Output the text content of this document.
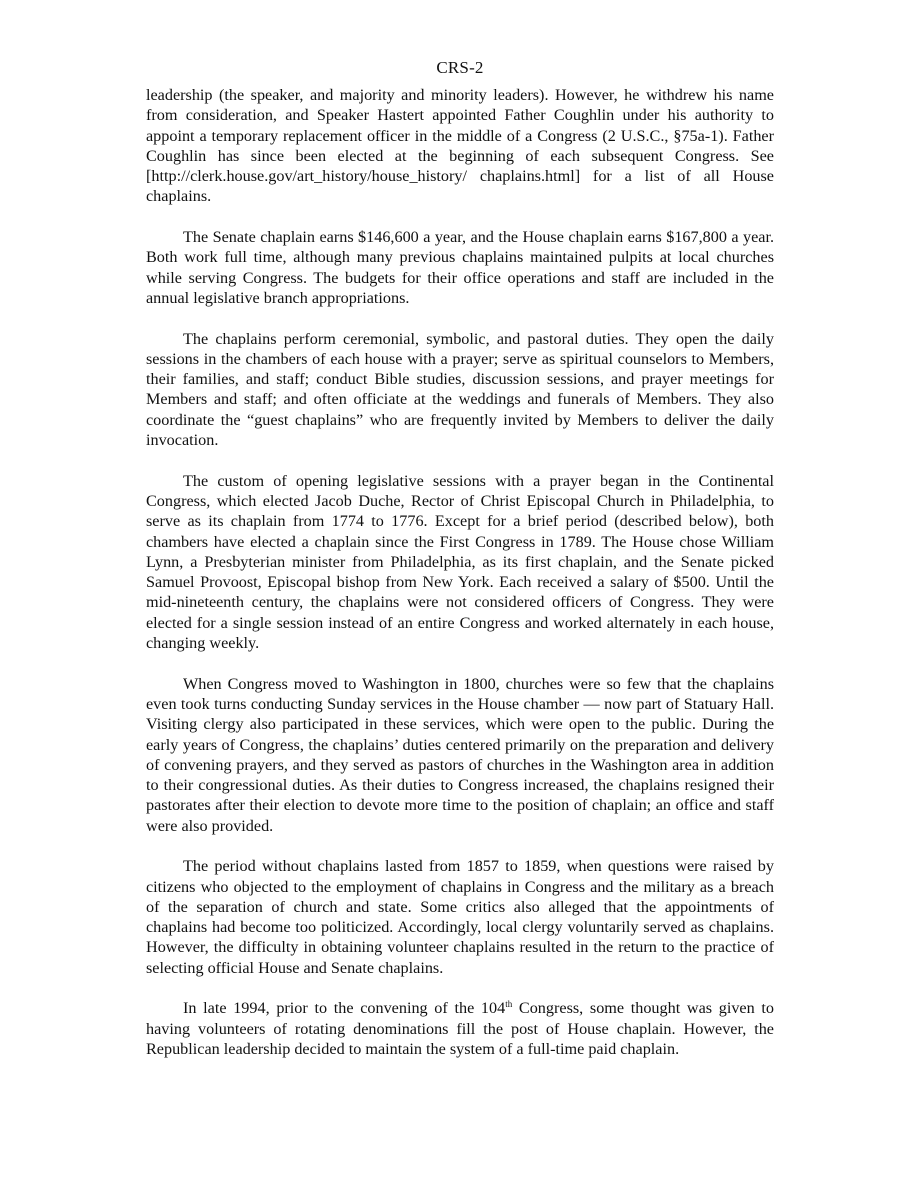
CRS-2

leadership (the speaker, and majority and minority leaders). However, he withdrew his name from consideration, and Speaker Hastert appointed Father Coughlin under his authority to appoint a temporary replacement officer in the middle of a Congress (2 U.S.C., §75a-1). Father Coughlin has since been elected at the beginning of each subsequent Congress. See [http://clerk.house.gov/art_history/house_history/ chaplains.html] for a list of all House chaplains.

The Senate chaplain earns $146,600 a year, and the House chaplain earns $167,800 a year. Both work full time, although many previous chaplains maintained pulpits at local churches while serving Congress. The budgets for their office operations and staff are included in the annual legislative branch appropriations.

The chaplains perform ceremonial, symbolic, and pastoral duties. They open the daily sessions in the chambers of each house with a prayer; serve as spiritual counselors to Members, their families, and staff; conduct Bible studies, discussion sessions, and prayer meetings for Members and staff; and often officiate at the weddings and funerals of Members. They also coordinate the “guest chaplains” who are frequently invited by Members to deliver the daily invocation.

The custom of opening legislative sessions with a prayer began in the Continental Congress, which elected Jacob Duche, Rector of Christ Episcopal Church in Philadelphia, to serve as its chaplain from 1774 to 1776. Except for a brief period (described below), both chambers have elected a chaplain since the First Congress in 1789. The House chose William Lynn, a Presbyterian minister from Philadelphia, as its first chaplain, and the Senate picked Samuel Provoost, Episcopal bishop from New York. Each received a salary of $500. Until the mid-nineteenth century, the chaplains were not considered officers of Congress. They were elected for a single session instead of an entire Congress and worked alternately in each house, changing weekly.

When Congress moved to Washington in 1800, churches were so few that the chaplains even took turns conducting Sunday services in the House chamber — now part of Statuary Hall. Visiting clergy also participated in these services, which were open to the public. During the early years of Congress, the chaplains’ duties centered primarily on the preparation and delivery of convening prayers, and they served as pastors of churches in the Washington area in addition to their congressional duties. As their duties to Congress increased, the chaplains resigned their pastorates after their election to devote more time to the position of chaplain; an office and staff were also provided.

The period without chaplains lasted from 1857 to 1859, when questions were raised by citizens who objected to the employment of chaplains in Congress and the military as a breach of the separation of church and state. Some critics also alleged that the appointments of chaplains had become too politicized. Accordingly, local clergy voluntarily served as chaplains. However, the difficulty in obtaining volunteer chaplains resulted in the return to the practice of selecting official House and Senate chaplains.

In late 1994, prior to the convening of the 104th Congress, some thought was given to having volunteers of rotating denominations fill the post of House chaplain. However, the Republican leadership decided to maintain the system of a full-time paid chaplain.
